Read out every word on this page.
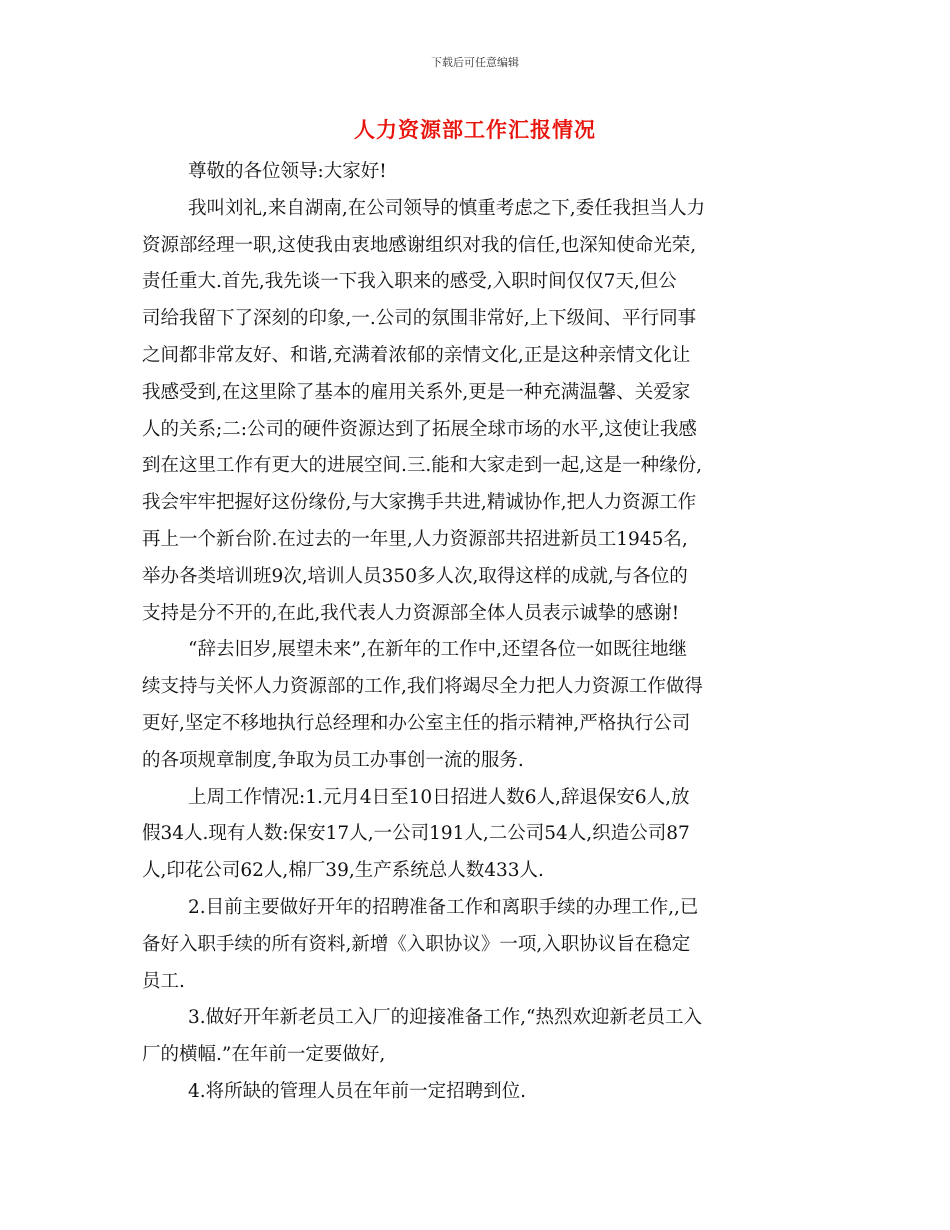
下载后可任意编辑
人力资源部工作汇报情况
尊敬的各位领导:大家好!
我叫刘礼,来自湖南,在公司领导的慎重考虑之下,委任我担当人力
资源部经理一职,这使我由衷地感谢组织对我的信任,也深知使命光荣,
责任重大.首先,我先谈一下我入职来的感受,入职时间仅仅7天,但公
司给我留下了深刻的印象,一.公司的氛围非常好,上下级间、平行同事
之间都非常友好、和谐,充满着浓郁的亲情文化,正是这种亲情文化让
我感受到,在这里除了基本的雇用关系外,更是一种充满温馨、关爱家
人的关系;二:公司的硬件资源达到了拓展全球市场的水平,这使让我感
到在这里工作有更大的进展空间.三.能和大家走到一起,这是一种缘份,
我会牢牢把握好这份缘份,与大家携手共进,精诚协作,把人力资源工作
再上一个新台阶.在过去的一年里,人力资源部共招进新员工1945名,
举办各类培训班9次,培训人员350多人次,取得这样的成就,与各位的
支持是分不开的,在此,我代表人力资源部全体人员表示诚挚的感谢!
“辞去旧岁,展望未来”,在新年的工作中,还望各位一如既往地继
续支持与关怀人力资源部的工作,我们将竭尽全力把人力资源工作做得
更好,坚定不移地执行总经理和办公室主任的指示精神,严格执行公司
的各项规章制度,争取为员工办事创一流的服务.
上周工作情况:1.元月4日至10日招进人数6人,辞退保安6人,放
假34人.现有人数:保安17人,一公司191人,二公司54人,织造公司87
人,印花公司62人,棉厂39,生产系统总人数433人.
2.目前主要做好开年的招聘准备工作和离职手续的办理工作,,已
备好入职手续的所有资料,新增《入职协议》一项,入职协议旨在稳定
员工.
3.做好开年新老员工入厂的迎接准备工作,“热烈欢迎新老员工入
厂的横幅.”在年前一定要做好,
4.将所缺的管理人员在年前一定招聘到位.
